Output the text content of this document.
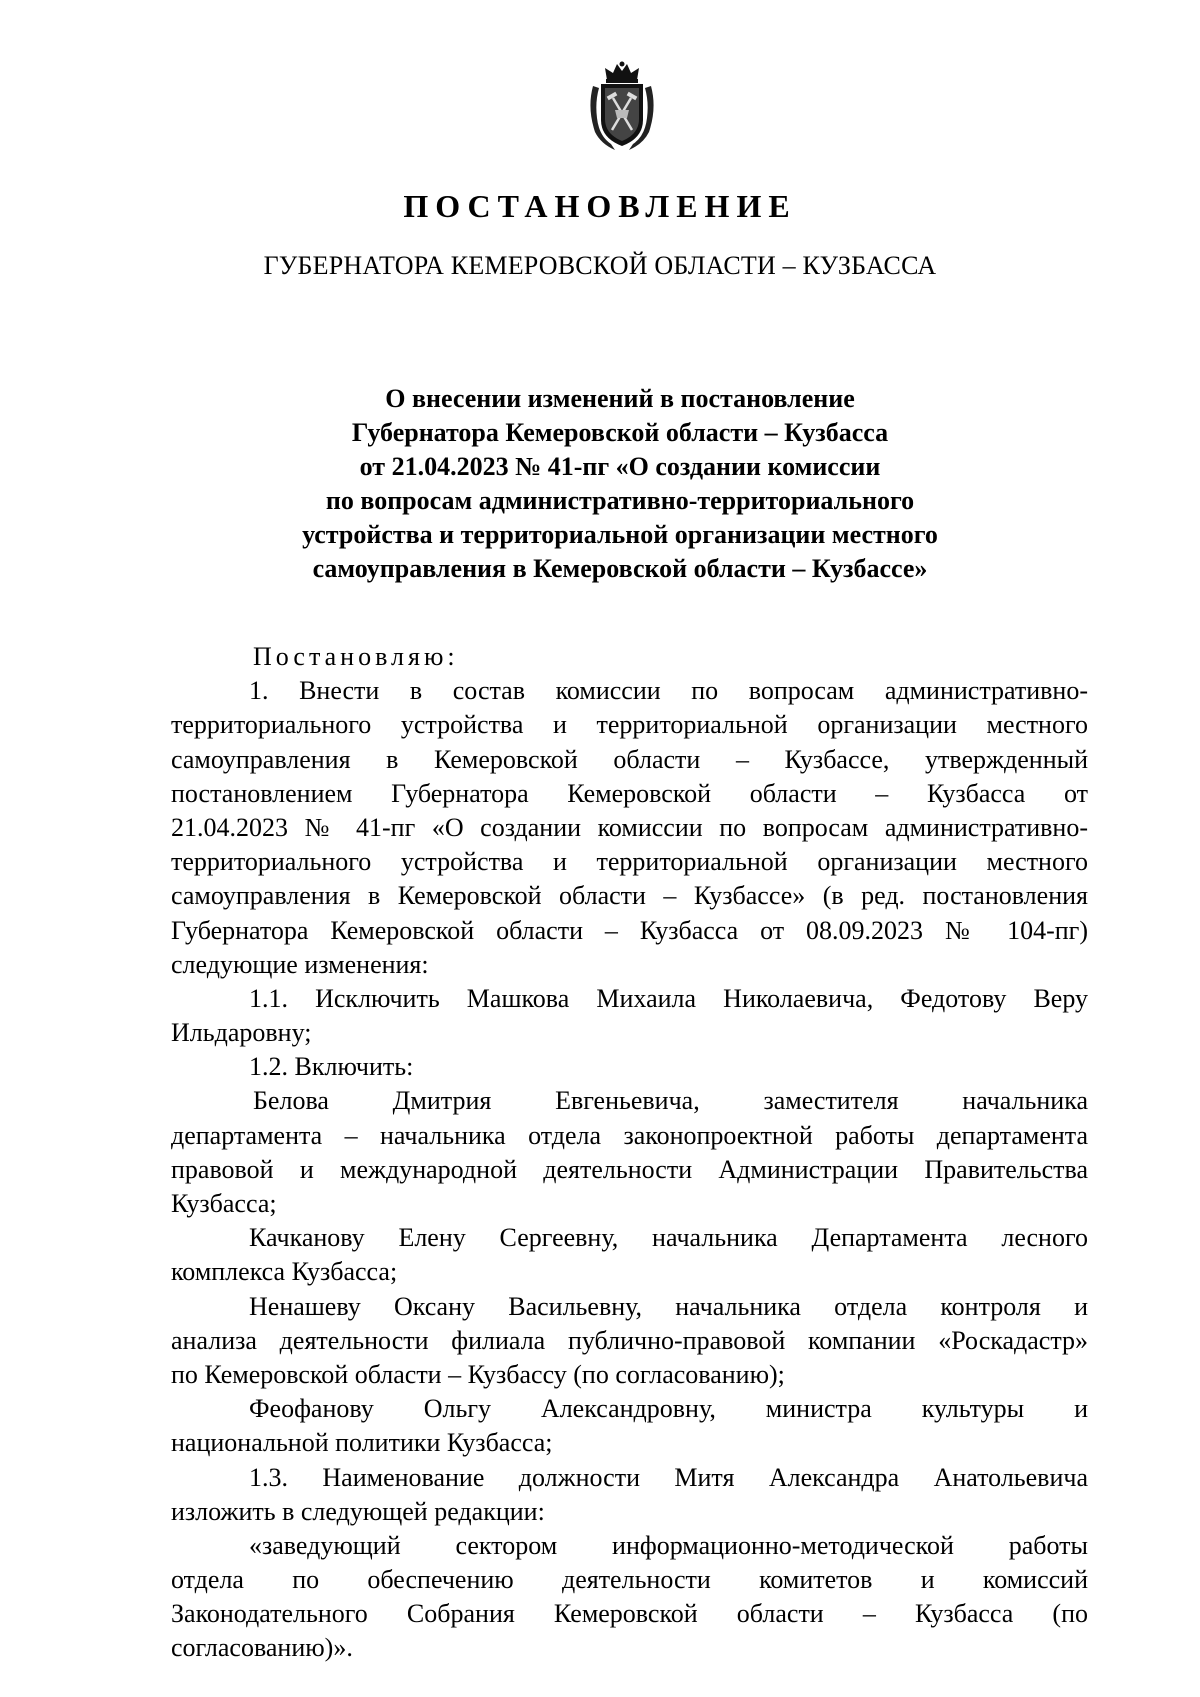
ПОСТАНОВЛЕНИЕ
ГУБЕРНАТОРА КЕМЕРОВСКОЙ ОБЛАСТИ – КУЗБАССА
О внесении изменений в постановление
Губернатора Кемеровской области – Кузбасса
от 21.04.2023 № 41-пг «О создании комиссии
по вопросам административно-территориального
устройства и территориальной организации местного
самоуправления в Кемеровской области – Кузбассе»
Постановляю:
1. Внести в состав комиссии по вопросам административно-
территориального устройства и территориальной организации местного
самоуправления в Кемеровской области – Кузбассе, утвержденный
постановлением Губернатора Кемеровской области – Кузбасса от
21.04.2023 № 41-пг «О создании комиссии по вопросам административно-
территориального устройства и территориальной организации местного
самоуправления в Кемеровской области – Кузбассе» (в ред. постановления
Губернатора Кемеровской области – Кузбасса от 08.09.2023 № 104-пг)
следующие изменения:
1.1. Исключить Машкова Михаила Николаевича, Федотову Веру
Ильдаровну;
1.2. Включить:
Белова Дмитрия Евгеньевича, заместителя начальника
департамента – начальника отдела законопроектной работы департамента
правовой и международной деятельности Администрации Правительства
Кузбасса;
Качканову Елену Сергеевну, начальника Департамента лесного
комплекса Кузбасса;
Ненашеву Оксану Васильевну, начальника отдела контроля и
анализа деятельности филиала публично-правовой компании «Роскадастр»
по Кемеровской области – Кузбассу (по согласованию);
Феофанову Ольгу Александровну, министра культуры и
национальной политики Кузбасса;
1.3. Наименование должности Митя Александра Анатольевича
изложить в следующей редакции:
«заведующий сектором информационно-методической работы
отдела по обеспечению деятельности комитетов и комиссий
Законодательного Собрания Кемеровской области – Кузбасса (по
согласованию)».
